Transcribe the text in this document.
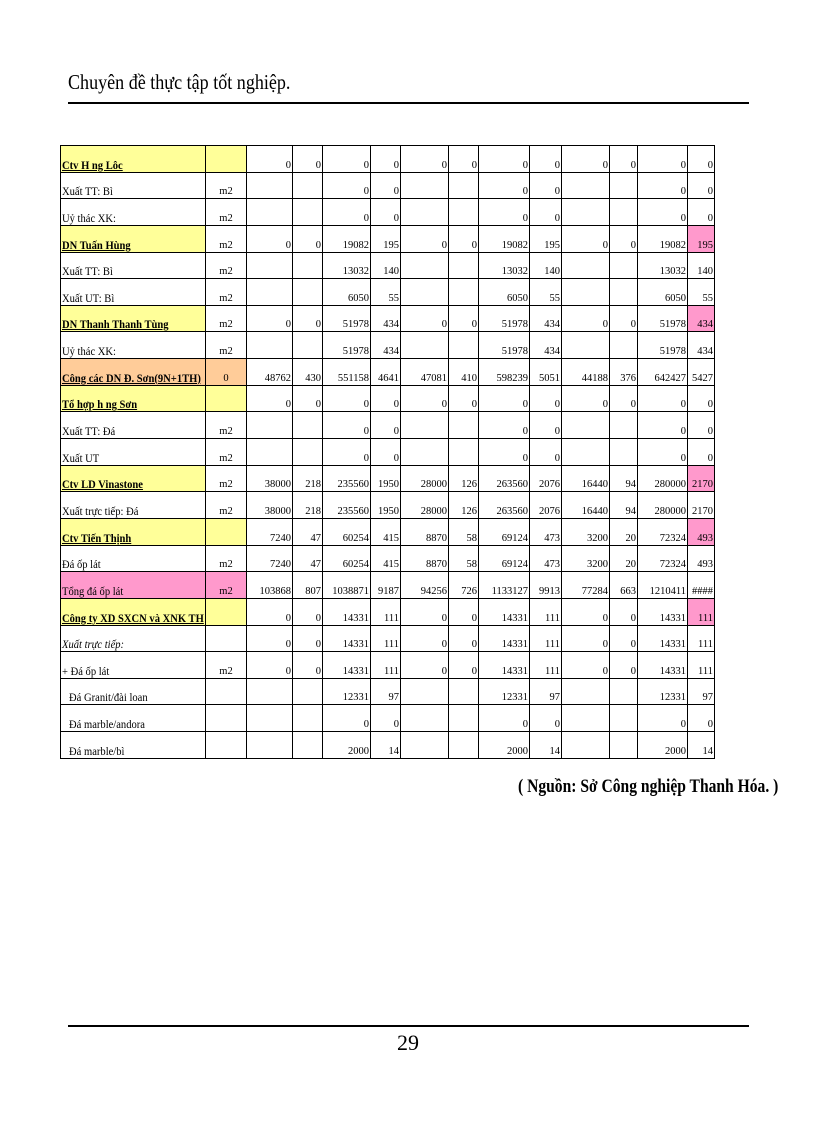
Chuyên đề thực tập tốt nghiệp.
Ctv H ng Lôc		0	0	0	0	0	0	0	0	0	0	0	0
Xuất TT: Bì	m2			0	0			0	0			0	0
Uỷ thác XK:	m2			0	0			0	0			0	0
DN Tuấn Hùng	m2	0	0	19082	195	0	0	19082	195	0	0	19082	195
Xuất TT: Bì	m2			13032	140			13032	140			13032	140
Xuất UT: Bì	m2			6050	55			6050	55			6050	55
DN Thanh Thanh Tùng	m2	0	0	51978	434	0	0	51978	434	0	0	51978	434
Uỷ thác XK:	m2			51978	434			51978	434			51978	434
Công các DN Đ. Sơn(9N+1TH)	0	48762	430	551158	4641	47081	410	598239	5051	44188	376	642427	5427
Tổ hợp h ng Sơn		0	0	0	0	0	0	0	0	0	0	0	0
Xuất TT: Đá	m2			0	0			0	0			0	0
Xuất UT	m2			0	0			0	0			0	0
Ctv LD Vinastone	m2	38000	218	235560	1950	28000	126	263560	2076	16440	94	280000	2170
Xuất trực tiếp: Đá	m2	38000	218	235560	1950	28000	126	263560	2076	16440	94	280000	2170
Ctv Tiến Thịnh		7240	47	60254	415	8870	58	69124	473	3200	20	72324	493
Đá ốp lát	m2	7240	47	60254	415	8870	58	69124	473	3200	20	72324	493
Tổng đá ốp lát	m2	103868	807	1038871	9187	94256	726	1133127	9913	77284	663	1210411	####
Công ty XD SXCN và XNK TH		0	0	14331	111	0	0	14331	111	0	0	14331	111
Xuất trực tiếp:		0	0	14331	111	0	0	14331	111	0	0	14331	111
+ Đá ốp lát	m2	0	0	14331	111	0	0	14331	111	0	0	14331	111
Đá Granit/đài loan				12331	97			12331	97			12331	97
Đá marble/andora				0	0			0	0			0	0
Đá marble/bì				2000	14			2000	14			2000	14
( Nguồn: Sở Công nghiệp Thanh Hóa. )
29
